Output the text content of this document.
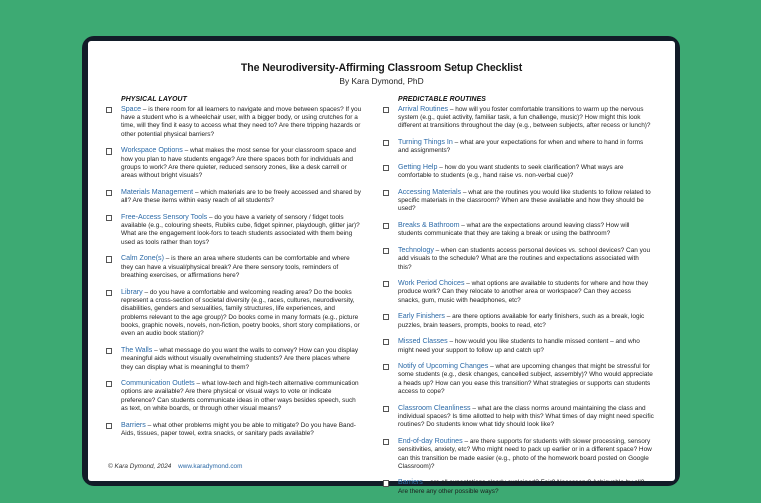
The Neurodiversity-Affirming Classroom Setup Checklist
By Kara Dymond, PhD
PHYSICAL LAYOUT
Space – is there room for all learners to navigate and move between spaces? If you have a student who is a wheelchair user, with a bigger body, or using crutches for a time, will they find it easy to access what they need to? Are there tripping hazards or other potential physical barriers?
Workspace Options – what makes the most sense for your classroom space and how you plan to have students engage? Are there spaces both for individuals and groups to work? Are there quieter, reduced sensory zones, like a desk carrell or areas without bright visuals?
Materials Management – which materials are to be freely accessed and shared by all? Are these items within easy reach of all students?
Free-Access Sensory Tools – do you have a variety of sensory / fidget tools available (e.g., colouring sheets, Rubiks cube, fidget spinner, playdough, glitter jar)? What are the engagement look-fors to teach students associated with them being used as tools rather than toys?
Calm Zone(s) – is there an area where students can be comfortable and where they can have a visual/physical break? Are there sensory tools, reminders of breathing exercises, or affirmations here?
Library – do you have a comfortable and welcoming reading area? Do the books represent a cross-section of societal diversity (e.g., races, cultures, neurodiversity, disabilities, genders and sexualities, family structures, life experiences, and problems relevant to the age group)? Do books come in many formats (e.g., picture books, graphic novels, novels, non-fiction, poetry books, short story compilations, or even an audio book station)?
The Walls – what message do you want the walls to convey? How can you display meaningful aids without visually overwhelming students? Are there places where they can display what is meaningful to them?
Communication Outlets – what low-tech and high-tech alternative communication options are available? Are there physical or visual ways to vote or indicate preference? Can students communicate ideas in other ways besides speech, such as text, on white boards, or through other visual means?
Barriers – what other problems might you be able to mitigate? Do you have Band-Aids, tissues, paper towel, extra snacks, or sanitary pads available?
PREDICTABLE ROUTINES
Arrival Routines – how will you foster comfortable transitions to warm up the nervous system (e.g., quiet activity, familiar task, a fun challenge, music)? How might this look different at transitions throughout the day (e.g., between subjects, after recess or lunch)?
Turning Things In – what are your expectations for when and where to hand in forms and assignments?
Getting Help – how do you want students to seek clarification? What ways are comfortable to students (e.g., hand raise vs. non-verbal cue)?
Accessing Materials – what are the routines you would like students to follow related to specific materials in the classroom? When are these available and how they should be used?
Breaks & Bathroom – what are the expectations around leaving class? How will students communicate that they are taking a break or using the bathroom?
Technology – when can students access personal devices vs. school devices? Can you add visuals to the schedule? What are the routines and expectations associated with this?
Work Period Choices – what options are available to students for where and how they produce work? Can they relocate to another area or workspace? Can they access snacks, gum, music with headphones, etc?
Early Finishers – are there options available for early finishers, such as a break, logic puzzles, brain teasers, prompts, books to read, etc?
Missed Classes – how would you like students to handle missed content – and who might need your support to follow up and catch up?
Notify of Upcoming Changes – what are upcoming changes that might be stressful for some students (e.g., desk changes, cancelled subject, assembly)? Who would appreciate a heads up? How can you ease this transition? What strategies or supports can students access to cope?
Classroom Cleanliness – what are the class norms around maintaining the class and individual spaces? Is time allotted to help with this? What times of day might need specific routines? Do students know what tidy should look like?
End-of-day Routines – are there supports for students with slower processing, sensory sensitivities, anxiety, etc? Who might need to pack up earlier or in a different space? How can this transition be made easier (e.g., photo of the homework board posted on Google Classroom)?
Barriers – are all expectations clearly explained? Fair? Necessary? Achievable by all? Are there any other possible ways?
© Kara Dymond, 2024 www.karadymond.com
